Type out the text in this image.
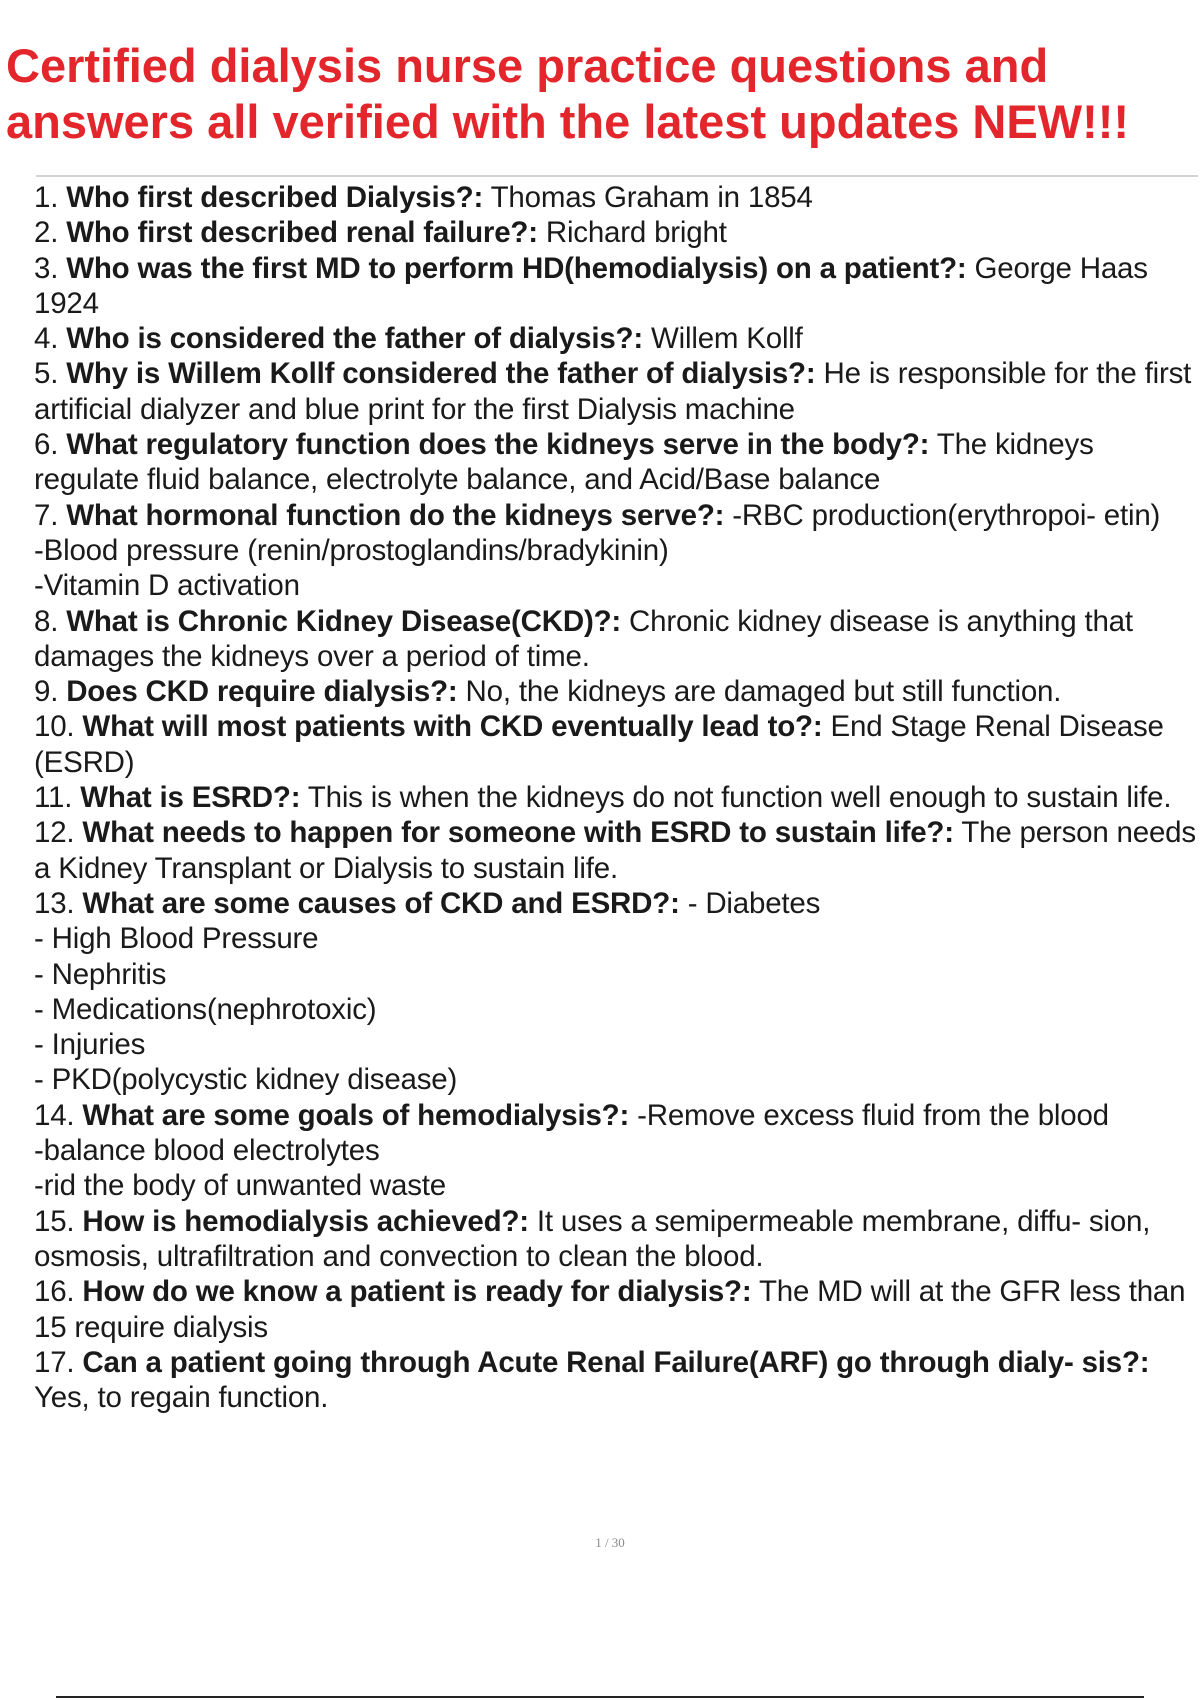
Certified dialysis nurse practice questions and answers all verified with the latest updates NEW!!!
1. Who first described Dialysis?: Thomas Graham in 1854
2. Who first described renal failure?: Richard bright
3. Who was the first MD to perform HD(hemodialysis) on a patient?: George Haas 1924
4. Who is considered the father of dialysis?: Willem Kollf
5. Why is Willem Kollf considered the father of dialysis?: He is responsible for the first artificial dialyzer and blue print for the first Dialysis machine
6. What regulatory function does the kidneys serve in the body?: The kidneys regulate fluid balance, electrolyte balance, and Acid/Base balance
7. What hormonal function do the kidneys serve?: -RBC production(erythropoi- etin)
-Blood pressure (renin/prostoglandins/bradykinin)
-Vitamin D activation
8. What is Chronic Kidney Disease(CKD)?: Chronic kidney disease is anything that damages the kidneys over a period of time.
9. Does CKD require dialysis?: No, the kidneys are damaged but still function.
10. What will most patients with CKD eventually lead to?: End Stage Renal Disease (ESRD)
11. What is ESRD?: This is when the kidneys do not function well enough to sustain life.
12. What needs to happen for someone with ESRD to sustain life?: The person needs a Kidney Transplant or Dialysis to sustain life.
13. What are some causes of CKD and ESRD?: - Diabetes
- High Blood Pressure
- Nephritis
- Medications(nephrotoxic)
- Injuries
- PKD(polycystic kidney disease)
14. What are some goals of hemodialysis?: -Remove excess fluid from the blood
-balance blood electrolytes
-rid the body of unwanted waste
15. How is hemodialysis achieved?: It uses a semipermeable membrane, diffu- sion, osmosis, ultrafiltration and convection to clean the blood.
16. How do we know a patient is ready for dialysis?: The MD will at the GFR less than 15 require dialysis
17. Can a patient going through Acute Renal Failure(ARF) go through dialy- sis?: Yes, to regain function.
1 / 30
